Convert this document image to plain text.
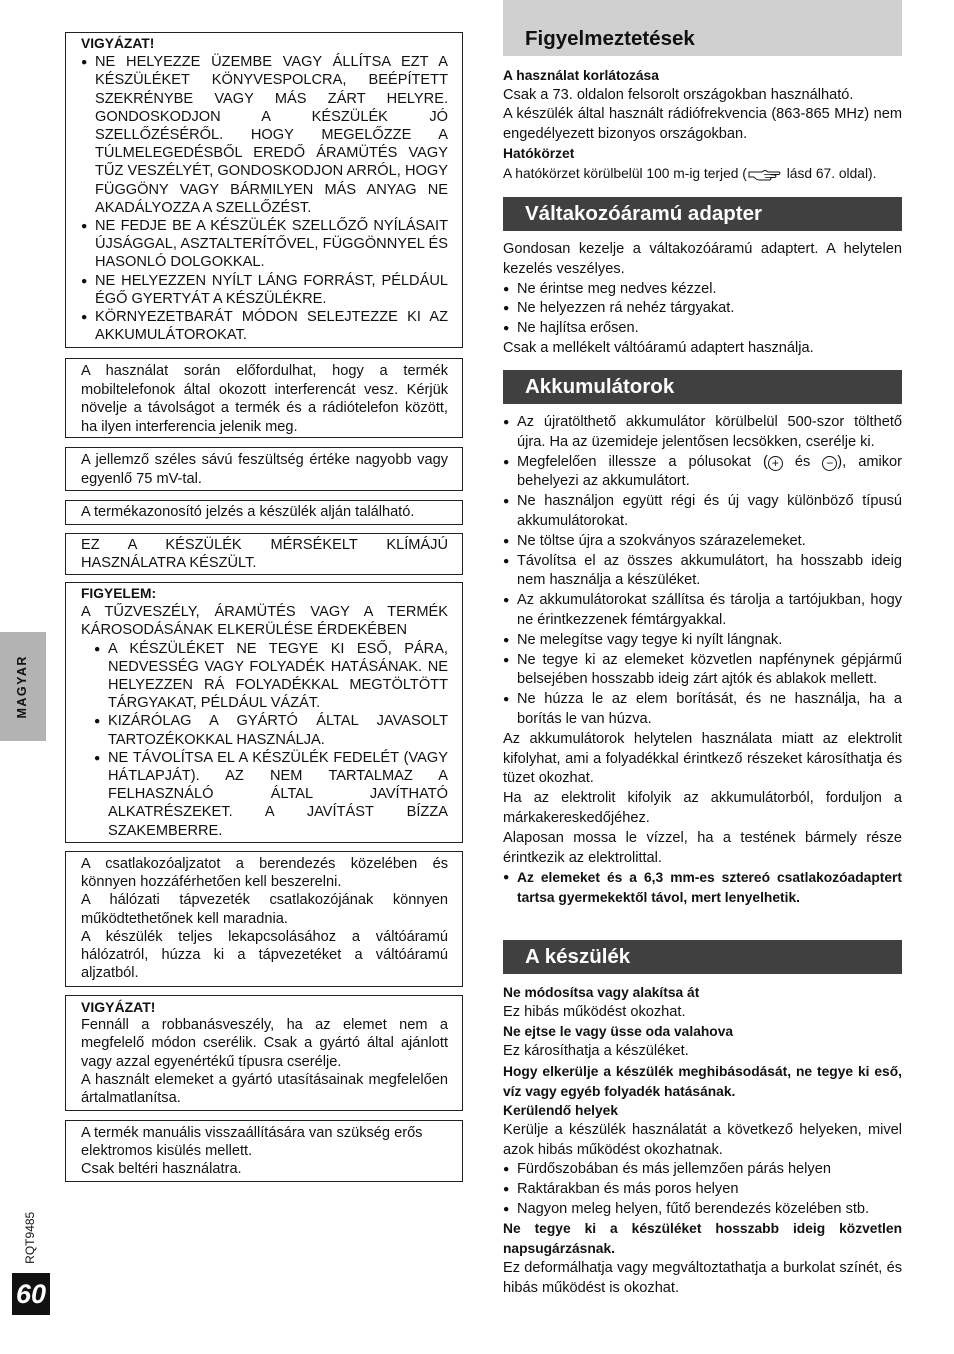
VIGYÁZAT!

● NE HELYEZZE ÜZEMBE VAGY ÁLLÍTSA EZT A KÉSZÜLÉKET KÖNYVESPOLCRA, BEÉPÍTETT SZEKRÉNYBE VAGY MÁS ZÁRT HELYRE. GONDOSKODJON A KÉSZÜLÉK JÓ SZELLŐZÉSÉRŐL. HOGY MEGELŐZZE A TÚLMELEGEDÉSBŐL EREDŐ ÁRAMÜTÉS VAGY TŰZ VESZÉLYÉT, GONDOSKODJON ARRÓL, HOGY FÜGGÖNY VAGY BÁRMILYEN MÁS ANYAG NE AKADÁLYOZZA A SZELLŐZÉST.

● NE FEDJE BE A KÉSZÜLÉK SZELLŐZŐ NYÍLÁSAIT ÚJSÁGGAL, ASZTALTERÍTŐVEL, FÜGGÖNNYEL ÉS HASONLÓ DOLGOKKAL.

● NE HELYEZZEN NYÍLT LÁNG FORRÁST, PÉLDÁUL ÉGŐ GYERTYÁT A KÉSZÜLÉKRE.

● KÖRNYEZETBARÁT MÓDON SELEJTEZZE KI AZ AKKUMULÁTOROKAT.

A használat során előfordulhat, hogy a termék mobiltelefonok által okozott interferencát vesz. Kérjük növelje a távolságot a termék és a rádiótelefon között, ha ilyen interferencia jelenik meg.

A jellemző széles sávú feszültség értéke nagyobb vagy egyenlő 75 mV-tal.

A termékazonosító jelzés a készülék alján található.

EZ A KÉSZÜLÉK MÉRSÉKELT KLÍMÁJÚ HASZNÁLATRA KÉSZÜLT.

FIGYELEM:

A TŰZVESZÉLY, ÁRAMÜTÉS VAGY A TERMÉK KÁROSODÁSÁNAK ELKERÜLÉSE ÉRDEKÉBEN

● A KÉSZÜLÉKET NE TEGYE KI ESŐ, PÁRA, NEDVESSÉG VAGY FOLYADÉK HATÁSÁNAK. NE HELYEZZEN RÁ FOLYADÉKKAL MEGTÖLTÖTT TÁRGYAKAT, PÉLDÁUL VÁZÁT.

● KIZÁRÓLAG A GYÁRTÓ ÁLTAL JAVASOLT TARTOZÉKOKKAL HASZNÁLJA.

● NE TÁVOLÍTSA EL A KÉSZÜLÉK FEDELÉT (VAGY HÁTLAPJÁT). AZ NEM TARTALMAZ A FELHASZNÁLÓ ÁLTAL JAVÍTHATÓ ALKATRÉSZEKET. A JAVÍTÁST BÍZZA SZAKEMBERRE.

A csatlakozóaljzatot a berendezés közelében és könnyen hozzáférhetően kell beszerelni.

A hálózati tápvezeték csatlakozójának könnyen működtethetőnek kell maradnia.

A készülék teljes lekapcsolásához a váltóáramú hálózatról, húzza ki a tápvezetéket a váltóáramú aljzatból.

VIGYÁZAT!

Fennáll a robbanásveszély, ha az elemet nem a megfelelő módon cserélik. Csak a gyártó által ajánlott vagy azzal egyenértékű típusra cserélje.

A használt elemeket a gyártó utasításainak megfelelően ártalmatlanítsa.

A termék manuális visszaállítására van szükség erős elektromos kisülés mellett.

Csak beltéri használatra.

MAGYAR
RQT9485
60
Figyelmeztetések

A használat korlátozása

Csak a 73. oldalon felsorolt országokban használható.

A készülék által használt rádiófrekvencia (863-865 MHz) nem engedélyezett bizonyos országokban.

Hatókörzet

A hatókörzet körülbelül 100 m-ig terjed (	lásd 67. oldal).

Váltakozóáramú adapter

Gondosan kezelje a váltakozóáramú adaptert. A helytelen kezelés veszélyes.

● Ne érintse meg nedves kézzel.

● Ne helyezzen rá nehéz tárgyakat.

● Ne hajlítsa erősen.

Csak a mellékelt váltóáramú adaptert használja.

Akkumulátorok

● Az újratölthető akkumulátor körülbelül 500-szor tölthető újra. Ha az üzemideje jelentősen lecsökken, cserélje ki.

● Megfelelően illessze a pólusokat ( + és − ), amikor behelyezi az akkumulátort.

● Ne használjon együtt régi és új vagy különböző típusú akkumulátorokat.

● Ne töltse újra a szokványos szárazelemeket.

● Távolítsa el az összes akkumulátort, ha hosszabb ideig nem használja a készüléket.

● Az akkumulátorokat szállítsa és tárolja a tartójukban, hogy ne érintkezzenek fémtárgyakkal.

● Ne melegítse vagy tegye ki nyílt lángnak.

● Ne tegye ki az elemeket közvetlen napfénynek gépjármű belsejében hosszabb ideig zárt ajtók és ablakok mellett.

● Ne húzza le az elem borítását, és ne használja, ha a borítás le van húzva.

Az akkumulátorok helytelen használata miatt az elektrolit kifolyhat, ami a folyadékkal érintkező részeket károsíthatja és tüzet okozhat.

Ha az elektrolit kifolyik az akkumulátorból, forduljon a márkakereskedőjéhez.

Alaposan mossa le vízzel, ha a testének bármely része érintkezik az elektrolittal.

● Az elemeket és a 6,3 mm-es sztereó csatlakozóadaptert tartsa gyermekektől távol, mert lenyelhetik.

A készülék

Ne módosítsa vagy alakítsa át

Ez hibás működést okozhat.

Ne ejtse le vagy üsse oda valahova

Ez károsíthatja a készüléket.

Hogy elkerülje a készülék meghibásodását, ne tegye ki eső, víz vagy egyéb folyadék hatásának.

Kerülendő helyek

Kerülje a készülék használatát a következő helyeken, mivel azok hibás működést okozhatnak.

● Fürdőszobában és más jellemzően párás helyen

● Raktárakban és más poros helyen

● Nagyon meleg helyen, fűtő berendezés közelében stb.

Ne tegye ki a készüléket hosszabb ideig közvetlen napsugárzásnak.

Ez deformálhatja vagy megváltoztathatja a burkolat színét, és hibás működést is okozhat.
